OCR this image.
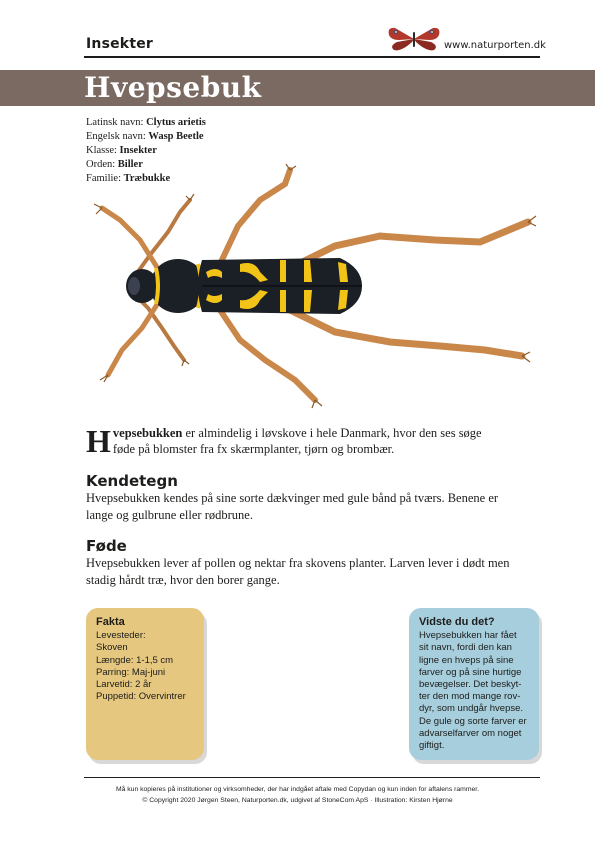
Insekter	www.naturporten.dk
Hvepsebuk
Latinsk navn: Clytus arietis
Engelsk navn: Wasp Beetle
Klasse: Insekter
Orden: Biller
Familie: Træbukke
Hvepsebukken er almindelig i løvskove i hele Danmark, hvor den ses søge føde på blomster fra fx skærmplanter, tjørn og brombær.
Kendetegn
Hvepsebukken kendes på sine sorte dækvinger med gule bånd på tværs. Benene er lange og gulbrune eller rødbrune.
Føde
Hvepsebukken lever af pollen og nektar fra skovens planter. Larven lever i dødt men stadig hårdt træ, hvor den borer gange.
Fakta
Levesteder:
Skoven
Længde: 1-1,5 cm
Parring: Maj-juni
Larvetid: 2 år
Puppetid: Overvintrer
Vidste du det?
Hvepsebukken har fået
sit navn, fordi den kan
ligne en hveps på sine
farver og på sine hurtige
bevægelser. Det beskyt-
ter den mod mange rov-
dyr, som undgår hvepse.
De gule og sorte farver er
advarselfarver om noget
giftigt.
Må kun kopieres på institutioner og virksomheder, der har indgået aftale med Copydan og kun inden for aftalens rammer.
© Copyright 2020 Jørgen Steen, Naturporten.dk, udgivet af StoneCom ApS · Illustration: Kirsten Hjørne
